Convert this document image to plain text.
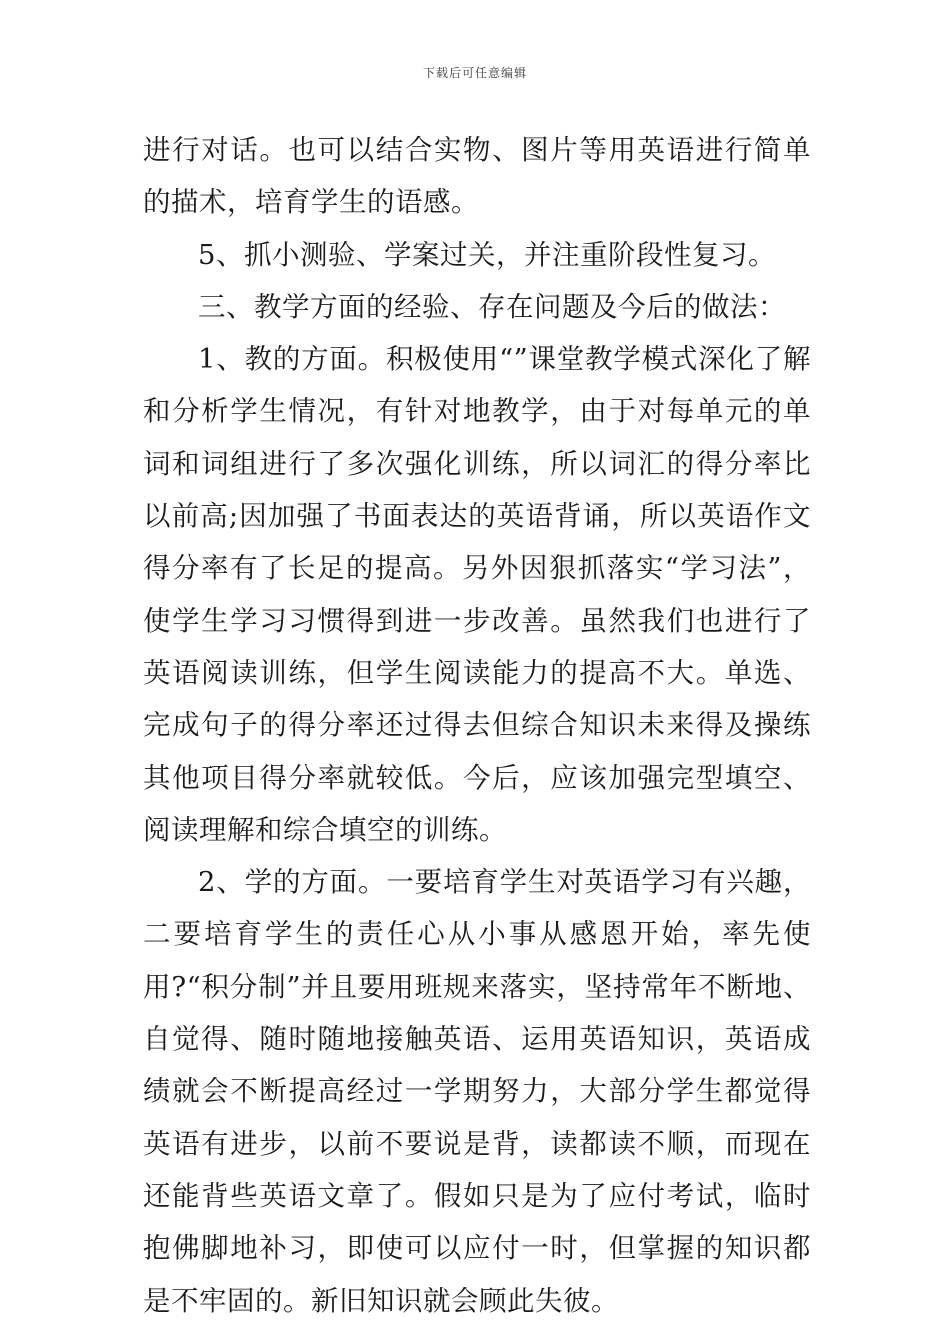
下载后可任意编辑

进行对话。也可以结合实物、图片等用英语进行简单的描术，培育学生的语感。

5、抓小测验、学案过关，并注重阶段性复习。

三、教学方面的经验、存在问题及今后的做法：

1、教的方面。积极使用“”课堂教学模式深化了解和分析学生情况，有针对地教学，由于对每单元的单词和词组进行了多次强化训练，所以词汇的得分率比以前高;因加强了书面表达的英语背诵，所以英语作文得分率有了长足的提高。另外因狠抓落实“学习法”，使学生学习习惯得到进一步改善。虽然我们也进行了英语阅读训练，但学生阅读能力的提高不大。单选、完成句子的得分率还过得去但综合知识未来得及操练其他项目得分率就较低。今后，应该加强完型填空、阅读理解和综合填空的训练。

2、学的方面。一要培育学生对英语学习有兴趣，二要培育学生的责任心从小事从感恩开始，率先使用?“积分制”并且要用班规来落实，坚持常年不断地、自觉得、随时随地接触英语、运用英语知识，英语成绩就会不断提高经过一学期努力，大部分学生都觉得英语有进步，以前不要说是背，读都读不顺，而现在还能背些英语文章了。假如只是为了应付考试，临时抱佛脚地补习，即使可以应付一时，但掌握的知识都是不牢固的。新旧知识就会顾此失彼。
